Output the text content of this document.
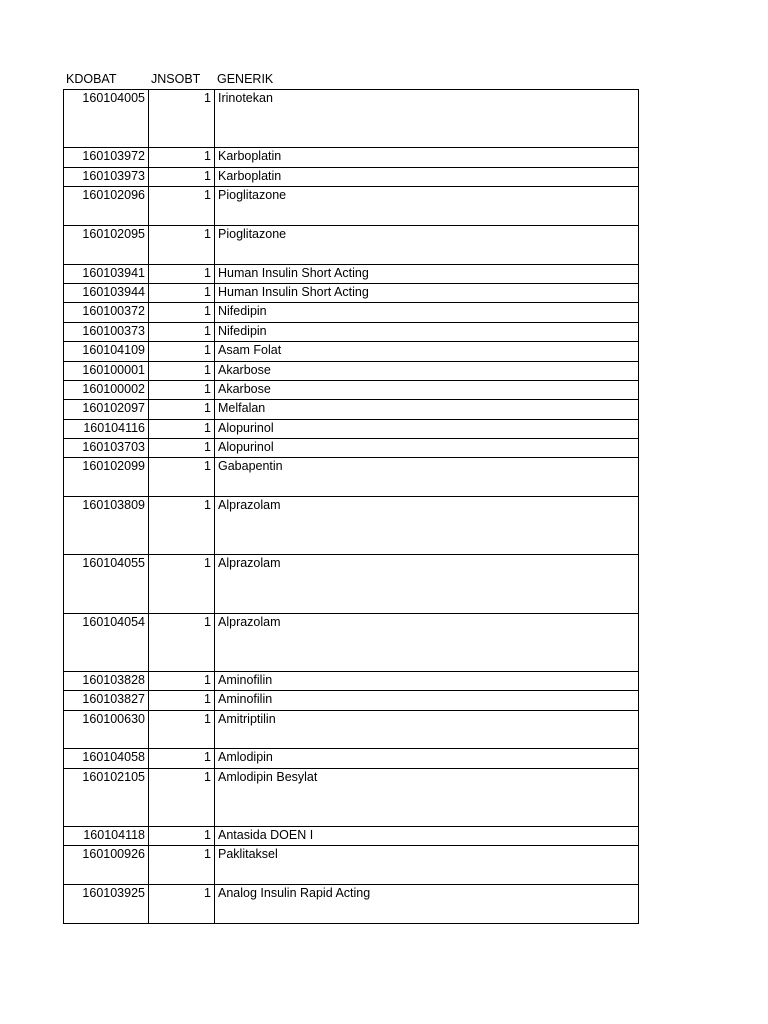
KDOBAT	JNSOBT GENERIK
160104005	1	Irinotekan
160103972	1	Karboplatin
160103973	1	Karboplatin
160102096	1	Pioglitazone
160102095	1	Pioglitazone
160103941	1	Human Insulin Short Acting
160103944	1	Human Insulin Short Acting
160100372	1	Nifedipin
160100373	1	Nifedipin
160104109	1	Asam Folat
160100001	1	Akarbose
160100002	1	Akarbose
160102097	1	Melfalan
160104116	1	Alopurinol
160103703	1	Alopurinol
160102099	1	Gabapentin
160103809	1	Alprazolam
160104055	1	Alprazolam
160104054	1	Alprazolam
160103828	1	Aminofilin
160103827	1	Aminofilin
160100630	1	Amitriptilin
160104058	1	Amlodipin
160102105	1	Amlodipin Besylat
160104118	1	Antasida DOEN I
160100926	1	Paklitaksel
160103925	1	Analog Insulin Rapid Acting
